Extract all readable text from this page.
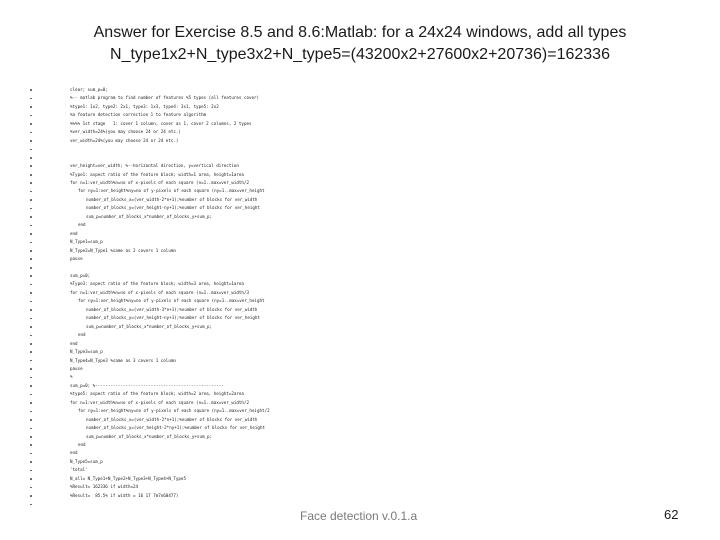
Answer for Exercise 8.5 and 8.6:Matlab: for a 24x24 windows, add all types
N_type1x2+N_type3x2+N_type5=(43200x2+27600x2+20736)=162336
clear; sum_p=0;
%-- matlab program to find number of features %5 types (all features cover)
%type1: 1x2, type2: 2x1, type3: 1x3, type4: 3x1, type5: 2x2
%a feature detection correction 1 to feature algorithm
%%%% 1st stage   1: cover 1 column, cover as 1, cover 2 columns, 2 types
%ver_width=24%(you may choose 24 or 24 etc.)
ver_width=24%(you may choose 24 or 24 etc.)
ver_height=ver_width; %--horizontal direction, y=vertical direction
%Type1: aspect ratio of the feature block; width=1 area, height=1area
for n=1:ver_width%n=no of x-pixels of each square (n=1..max=ver_width/2
for ny=1:ver_height%ny=no of y-pixels of each square (ny=1..max=ver_height
number_of_blocks_x=(ver_width-2*n+1);%number of blocks for ver_width
number_of_blocks_y=(ver_height-ny+1);%number of blocks for ver_height
sum_p=number_of_blocks_x*number_of_blocks_y+sum_p;
end
end
N_Type1=sum_p
N_Type2=N_Type1 %same as 2 covers 1 column
pause
sum_p=0;
%Type3: aspect ratio of the feature block; width=3 area, height=1area
for n=1:ver_width%n=no of x-pixels of each square (n=1..max=ver_width/3
for ny=1:ver_height%ny=no of y-pixels of each square (ny=1..max=ver_height
number_of_blocks_x=(ver_width-3*n+1);%number of blocks for ver_width
number_of_blocks_y=(ver_height-ny+1);%number of blocks for ver_height
sum_p=number_of_blocks_x*number_of_blocks_y+sum_p;
end
end
N_Type3=sum_p
N_Type4=N_Type3 %same as 3 covers 1 column
pause
%
sum_p=0; %---------------------------------------------------
%type5: aspect ratio of the feature block; width=2 area, height=2area
for n=1:ver_width%n=no of x-pixels of each square (n=1..max=ver_width/2
for ny=1:ver_height%ny=no of y-pixels of each square (ny=1..max=ver_height/2
number_of_blocks_x=(ver_width-2*n+1);%number of blocks for ver_width
number_of_blocks_y=(ver_height-2*ny+1);%number of blocks for ver_height
sum_p=number_of_blocks_x*number_of_blocks_y+sum_p;
end
end
N_Type5=sum_p
'total'
N_all= N_Type1+N_Type2+N_Type3+N_Type4+N_Type5
%Result= 162336 if width=24
%Result=  85.5% if width = 16 17 7m7n60477)
Face detection v.0.1.a	62
